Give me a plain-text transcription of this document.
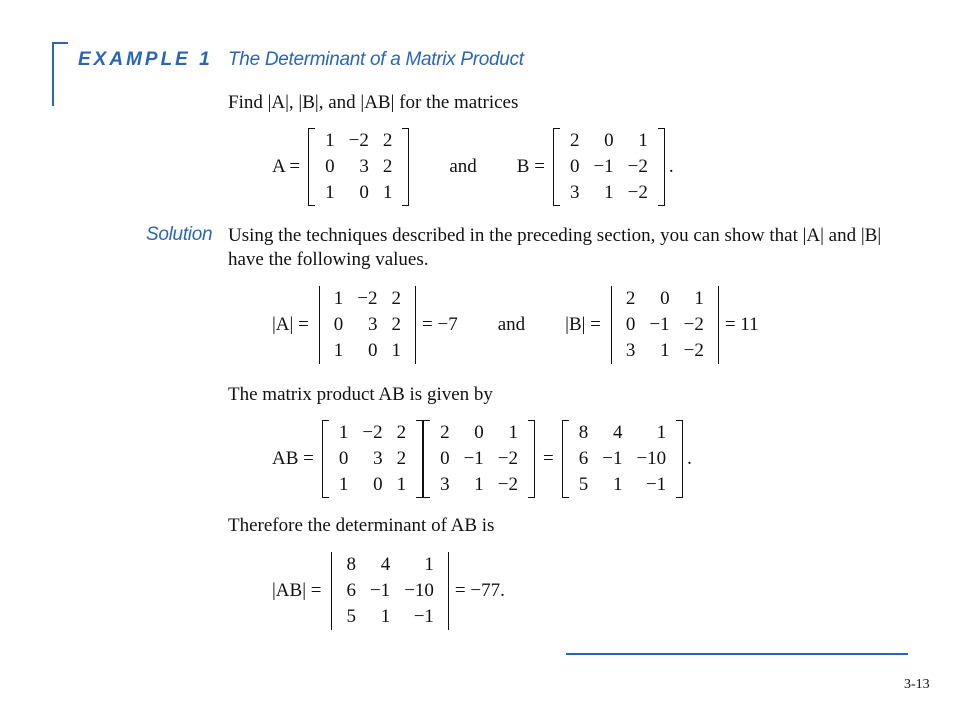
EXAMPLE 1 The Determinant of a Matrix Product
Find |A|, |B|, and |AB| for the matrices
A =
1	−2	2
0	3	2
1	0	1
and B =
2	0	1
0	−1	−2
3	1	−2
.
Solution Using the techniques described in the preceding section, you can show that |A| and |B| have the following values.
|A| =
1	−2	2
0	3	2
1	0	1
= −7 and |B| =
2	0	1
0	−1	−2
3	1	−2
= 11
The matrix product AB is given by
AB =
1	−2	2
0	3	2
1	0	1
2	0	1
0	−1	−2
3	1	−2
=
8	4	1
6	−1	−10
5	1	−1
.
Therefore the determinant of AB is
|AB| =
8	4	1
6	−1	−10
5	1	−1
= −77.
3-13
